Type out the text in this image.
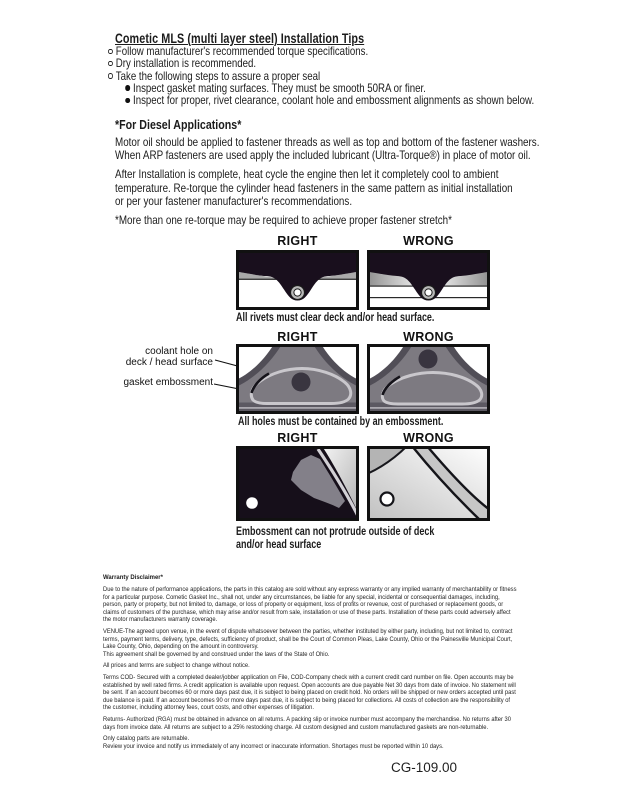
Cometic MLS (multi layer steel) Installation Tips
Follow manufacturer's recommended torque specifications.
Dry installation is recommended.
Take the following steps to assure a proper seal
Inspect gasket mating surfaces. They must be smooth 50RA or finer.
Inspect for proper, rivet clearance, coolant hole and embossment alignments as shown below.
*For Diesel Applications*

Motor oil should be applied to fastener threads as well as top and bottom of the fastener washers.
When ARP fasteners are used apply the included lubricant (Ultra-Torque®) in place of motor oil.

After Installation is complete, heat cycle the engine then let it completely cool to ambient
temperature. Re-torque the cylinder head fasteners in the same pattern as initial installation
or per your fastener manufacturer's recommendations.

*More than one re-torque may be required to achieve proper fastener stretch*

RIGHT	WRONG
All rivets must clear deck and/or head surface.
RIGHT	WRONG
coolant hole on
deck / head surface
gasket embossment
All holes must be contained by an embossment.
RIGHT	WRONG
Embossment can not protrude outside of deck
and/or head surface
Warranty Disclaimer*

Due to the nature of performance applications, the parts in this catalog are sold without any express warranty or any implied warranty of merchantability or fitness for a particular purpose. Cometic Gasket Inc., shall not, under any circumstances, be liable for any special, incidental or consequential damages, including, person, party or property, but not limited to, damage, or loss of property or equipment, loss of profits or revenue, cost of purchased or replacement goods, or claims of customers of the purchase, which may arise and/or result from sale, installation or use of these parts. Installation of these parts could adversely affect the motor manufacturers warranty coverage.

VENUE-The agreed upon venue, in the event of dispute whatsoever between the parties, whether instituted by either party, including, but not limited to, contract terms, payment terms, delivery, type, defects, sufficiency of product, shall be the Court of Common Pleas, Lake County, Ohio or the Painesville Municipal Court, Lake County, Ohio, depending on the amount in controversy.

This agreement shall be governed by and construed under the laws of the State of Ohio.

All prices and terms are subject to change without notice.

Terms COD- Secured with a completed dealer/jobber application on File, COD-Company check with a current credit card number on file. Open accounts may be established by well rated firms. A credit application is available upon request. Open accounts are due payable Net 30 days from date of invoice. No statement will be sent. If an account becomes 60 or more days past due, it is subject to being placed on credit hold. No orders will be shipped or new orders accepted until past due balance is paid. If an account becomes 90 or more days past due, it is subject to being placed for collections. All costs of collection are the responsibility of the customer, including attorney fees, court costs, and other expenses of litigation.

Returns- Authorized (RGA) must be obtained in advance on all returns. A packing slip or invoice number must accompany the merchandise. No returns after 30 days from invoice date. All returns are subject to a 25% restocking charge. All custom designed and custom manufactured gaskets are non-returnable.

Only catalog parts are returnable.

Review your invoice and notify us immediately of any incorrect or inaccurate information. Shortages must be reported within 10 days.

CG-109.00
